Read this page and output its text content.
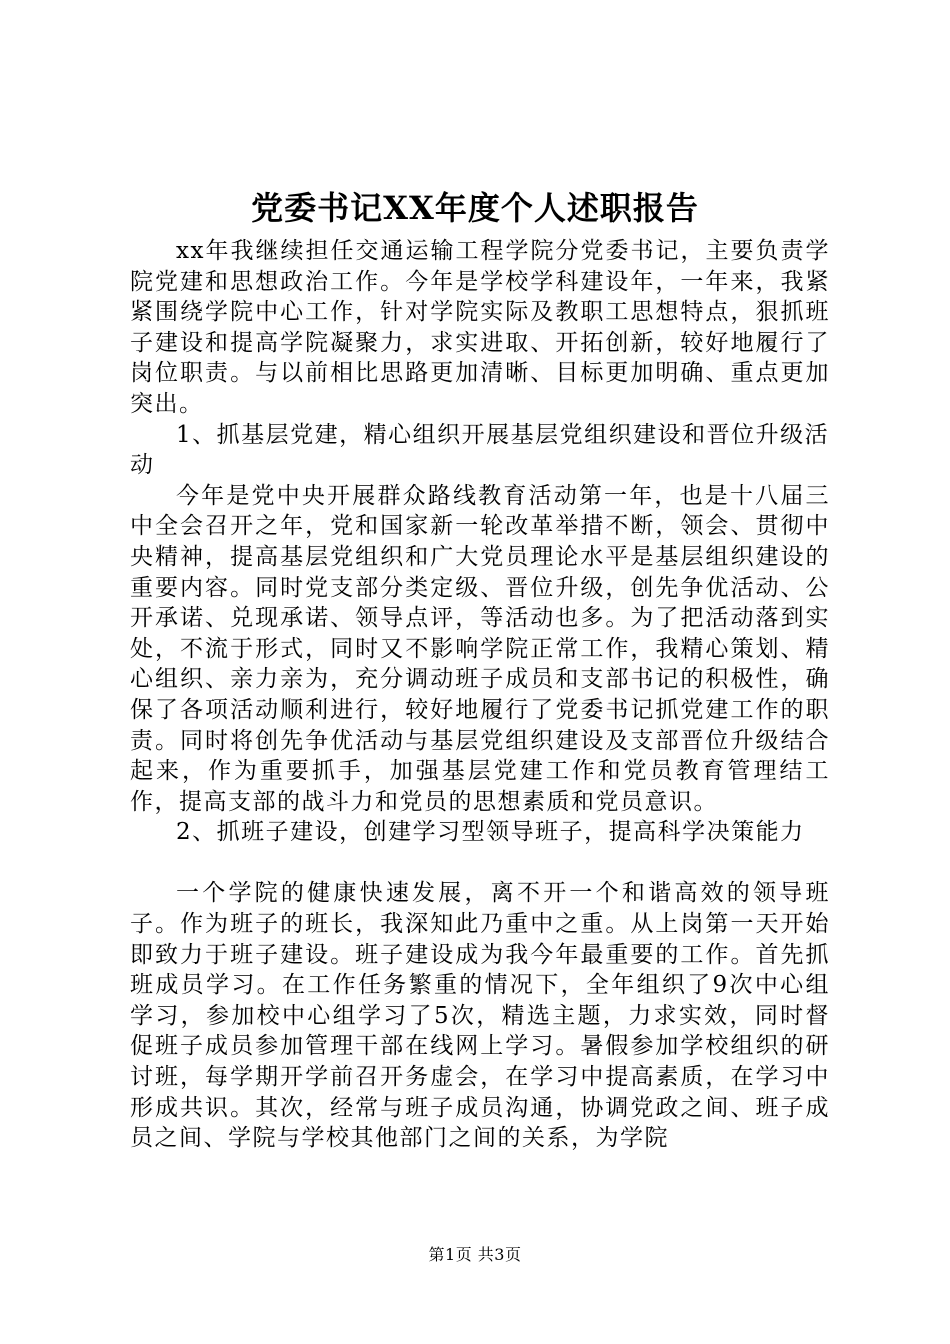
党委书记XX年度个人述职报告

xx年我继续担任交通运输工程学院分党委书记，主要负责学院党建和思想政治工作。今年是学校学科建设年，一年来，我紧紧围绕学院中心工作，针对学院实际及教职工思想特点，狠抓班子建设和提高学院凝聚力，求实进取、开拓创新，较好地履行了岗位职责。与以前相比思路更加清晰、目标更加明确、重点更加突出。

1、抓基层党建，精心组织开展基层党组织建设和晋位升级活动

今年是党中央开展群众路线教育活动第一年，也是十八届三中全会召开之年，党和国家新一轮改革举措不断，领会、贯彻中央精神，提高基层党组织和广大党员理论水平是基层组织建设的重要内容。同时党支部分类定级、晋位升级，创先争优活动、公开承诺、兑现承诺、领导点评，等活动也多。为了把活动落到实处，不流于形式，同时又不影响学院正常工作，我精心策划、精心组织、亲力亲为，充分调动班子成员和支部书记的积极性，确保了各项活动顺利进行，较好地履行了党委书记抓党建工作的职责。同时将创先争优活动与基层党组织建设及支部晋位升级结合起来，作为重要抓手，加强基层党建工作和党员教育管理结工作，提高支部的战斗力和党员的思想素质和党员意识。

2、抓班子建设，创建学习型领导班子，提高科学决策能力

一个学院的健康快速发展，离不开一个和谐高效的领导班子。作为班子的班长，我深知此乃重中之重。从上岗第一天开始即致力于班子建设。班子建设成为我今年最重要的工作。首先抓班成员学习。在工作任务繁重的情况下，全年组织了9次中心组学习，参加校中心组学习了5次，精选主题，力求实效，同时督促班子成员参加管理干部在线网上学习。暑假参加学校组织的研讨班，每学期开学前召开务虚会，在学习中提高素质，在学习中形成共识。其次，经常与班子成员沟通，协调党政之间、班子成员之间、学院与学校其他部门之间的关系，为学院

第1页 共3页
